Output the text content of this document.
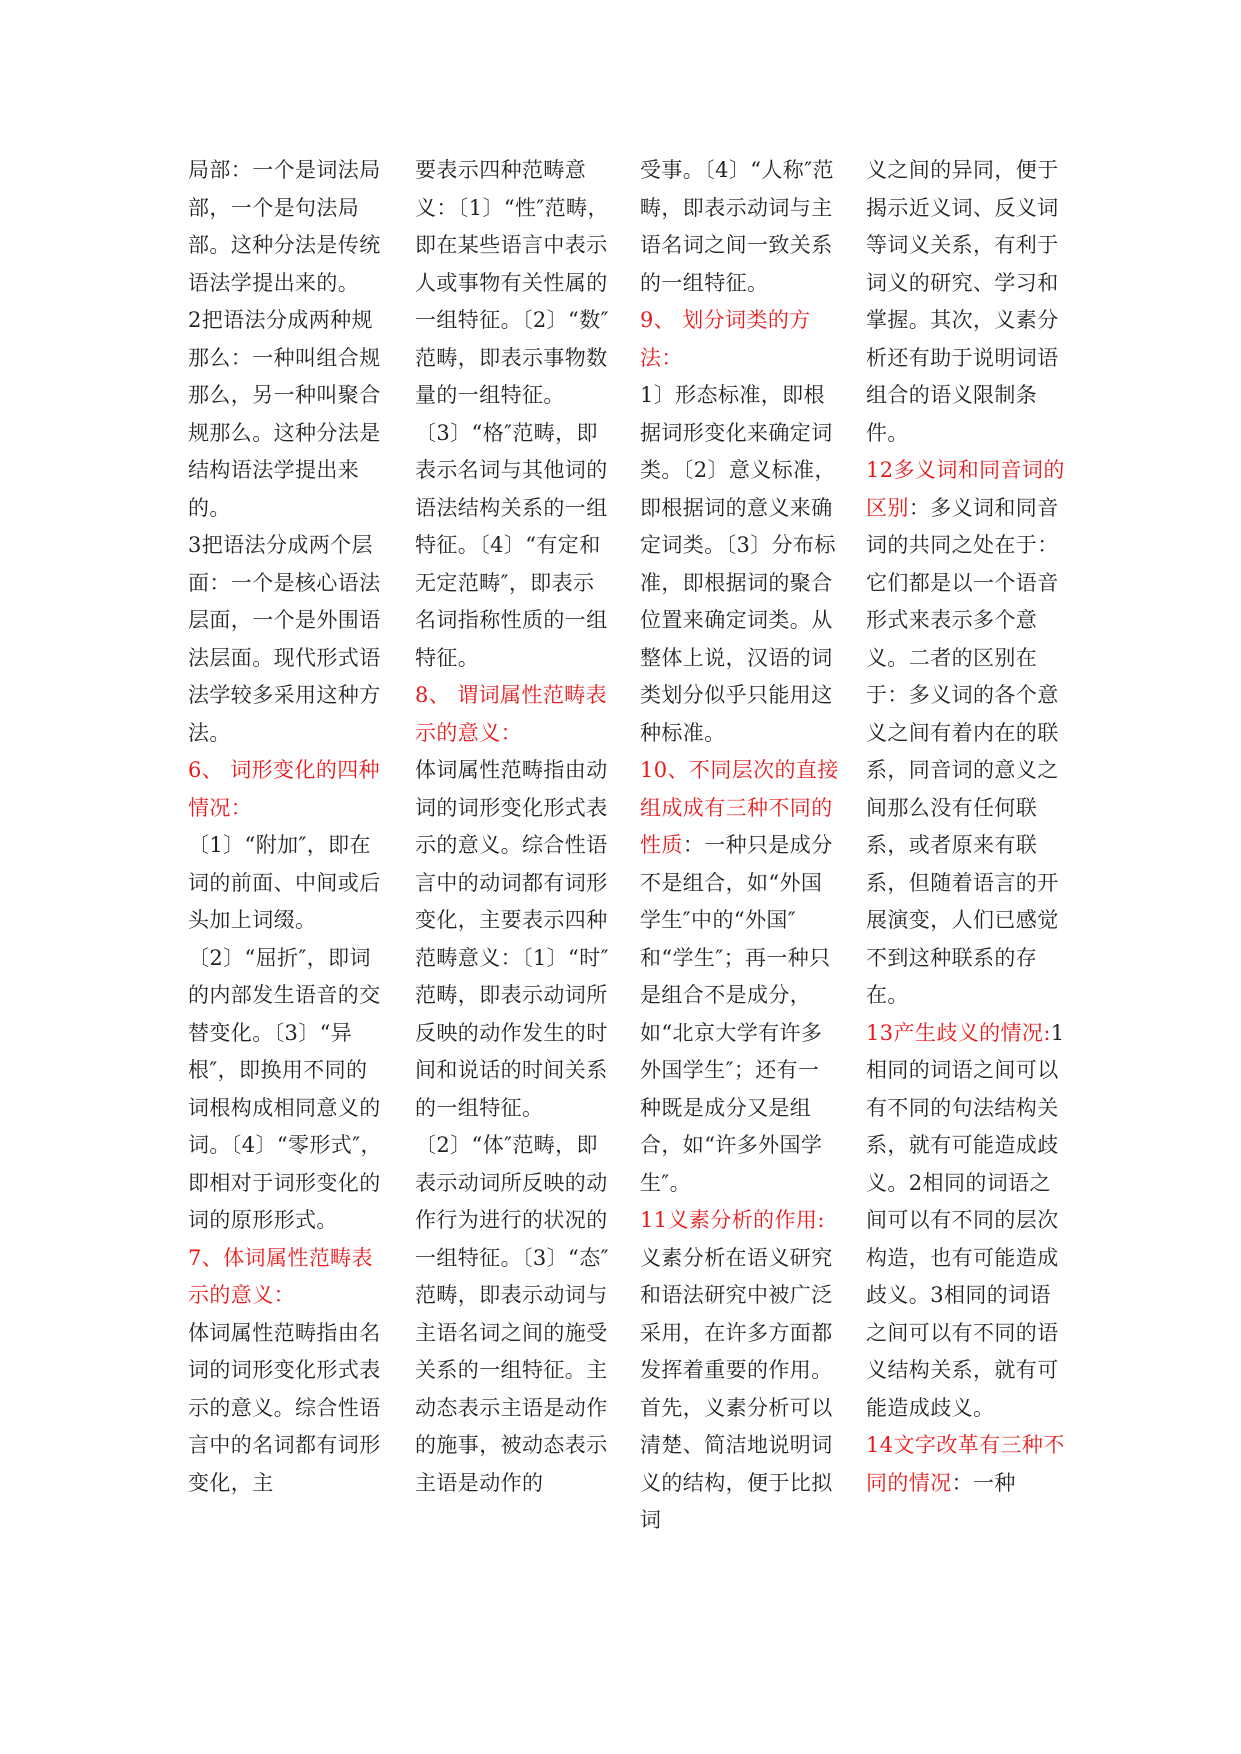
局部：一个是词法局部，一个是句法局部。这种分法是传统语法学提出来的。

2把语法分成两种规那么：一种叫组合规那么，另一种叫聚合规那么。这种分法是结构语法学提出来的。

3把语法分成两个层面：一个是核心语法层面，一个是外围语法层面。现代形式语法学较多采用这种方法。

6、 词形变化的四种情况：

〔1〕“附加″，即在词的前面、中间或后头加上词缀。〔2〕“屈折″，即词的内部发生语音的交替变化。〔3〕“异根″，即换用不同的词根构成相同意义的词。〔4〕“零形式″，即相对于词形变化的词的原形形式。

7、体词属性范畴表示的意义：

体词属性范畴指由名词的词形变化形式表示的意义。综合性语言中的名词都有词形变化，主

要表示四种范畴意义：〔1〕“性″范畴，即在某些语言中表示人或事物有关性属的一组特征。〔2〕“数″范畴，即表示事物数量的一组特征。〔3〕“格″范畴，即表示名词与其他词的语法结构关系的一组特征。〔4〕“有定和无定范畴″，即表示名词指称性质的一组特征。

8、 谓词属性范畴表示的意义：

体词属性范畴指由动词的词形变化形式表示的意义。综合性语言中的动词都有词形变化，主要表示四种范畴意义：〔1〕“时″ 范畴，即表示动词所反映的动作发生的时间和说话的时间关系的一组特征。〔2〕“体″范畴，即表示动词所反映的动作行为进行的状况的一组特征。〔3〕“态″范畴，即表示动词与主语名词之间的施受关系的一组特征。主动态表示主语是动作的施事，被动态表示主语是动作的

受事。〔4〕“人称″范畴，即表示动词与主语名词之间一致关系的一组特征。

9、 划分词类的方法：

1〕形态标准，即根据词形变化来确定词类。〔2〕意义标准，即根据词的意义来确定词类。〔3〕分布标准，即根据词的聚合位置来确定词类。从整体上说，汉语的词类划分似乎只能用这种标准。

10、不同层次的直接组成成有三种不同的性质：一种只是成分不是组合，如“外国学生″中的“外国″和“学生″；再一种只是组合不是成分，如“北京大学有许多外国学生″；还有一种既是成分又是组合，如“许多外国学生″。

11义素分析的作用:义素分析在语义研究和语法研究中被广泛采用，在许多方面都发挥着重要的作用。首先，义素分析可以清楚、简洁地说明词义的结构，便于比拟词

义之间的异同，便于揭示近义词、反义词等词义关系，有利于词义的研究、学习和掌握。其次，义素分析还有助于说明词语组合的语义限制条件。

12多义词和同音词的区别：多义词和同音词的共同之处在于：它们都是以一个语音形式来表示多个意义。二者的区别在于：多义词的各个意义之间有着内在的联系，同音词的意义之间那么没有任何联系，或者原来有联系，但随着语言的开展演变，人们已感觉不到这种联系的存在。

13产生歧义的情况:1相同的词语之间可以有不同的句法结构关系，就有可能造成歧义。2相同的词语之间可以有不同的层次构造，也有可能造成歧义。3相同的词语之间可以有不同的语义结构关系，就有可能造成歧义。

14文字改革有三种不同的情况：一种
